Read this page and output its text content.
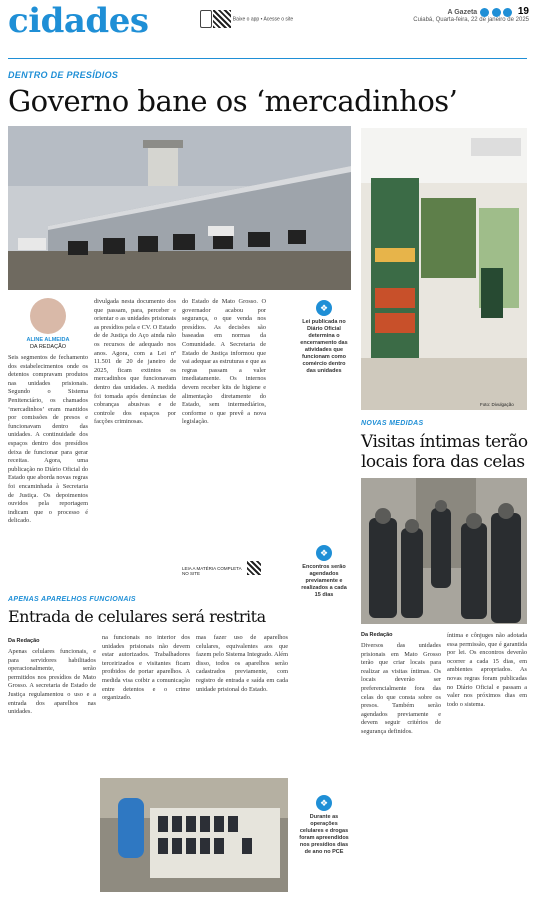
cidades	Baixe o app • Acesse o site
A Gazeta	19
Cuiabá, Quarta-feira, 22 de janeiro de 2025
DENTRO DE PRESÍDIOS
Governo bane os ‘mercadinhos’
Foto: Divulgação
❖
Lei publicada no Diário Oficial determina o encerramento das atividades que funcionam como comércio dentro das unidades
ALINE ALMEIDA
DA REDAÇÃO
Seis segmentos de fechamento dos estabelecimentos onde os detentos compravam produtos nas unidades prisionais. Segundo o Sistema Penitenciário, os chamados ‘mercadinhos’ eram mantidos por comissões de presos e funcionavam dentro das unidades. A continuidade dos espaços dentro dos presídios deixa de funcionar para gerar receitas. Agora, uma publicação no Diário Oficial do Estado que aborda novas regras foi encaminhada à Secretaria de Justiça. Os depoimentos ouvidos pela reportagem indicam que o processo é delicado.
divulgada nesta documento dos que passam, para, perceber e orientar o as unidades prisionais as presídios pela e CV. O Estado de de Justiça do Aço ainda não os recursos de adequado nos anos. Agora, com a Lei nº 11.501 de 20 de janeiro de 2025, ficam extintos os mercadinhos que funcionavam dentro das unidades. A medida foi tomada após denúncias de cobranças abusivas e de controle dos espaços por facções criminosas.
do Estado de Mato Grosso. O governador acabou por segurança, o que venda nos presídios. As decisões são baseadas em normas da Comunidade. A Secretaria de Estado de Justiça informou que vai adequar as estruturas e que as regras passam a valer imediatamente. Os internos devem receber kits de higiene e alimentação diretamente do Estado, sem intermediários, conforme o que prevê a nova legislação.
LEIA A MATÉRIA COMPLETA NO SITE
NOVAS MEDIDAS
Visitas íntimas terão locais fora das celas
❖
Encontros serão agendados previamente e realizados a cada 15 dias
Da Redação
Diversos das unidades prisionais em Mato Grosso terão que criar locais para realizar as visitas íntimas. Os locais deverão ser preferencialmente fora das celas do que consta sobre os presos. Também serão agendados previamente e devem seguir critérios de segurança definidos.
íntima e cônjuges não adotada essa permissão, que é garantida por lei. Os encontros deverão ocorrer a cada 15 dias, em ambientes apropriados. As novas regras foram publicadas no Diário Oficial e passam a valer nos próximos dias em todo o sistema.
APENAS APARELHOS FUNCIONAIS
Entrada de celulares será restrita
Da Redação
Apenas celulares funcionais, e para servidores habilitados operacionalmente, serão permitidos nos presídios de Mato Grosso. A secretaria de Estado de Justiça regulamentou o uso e a entrada dos aparelhos nas unidades.
na funcionais no interior dos unidades prisionais não devem estar autorizados. Trabalhadores terceirizados e visitantes ficam proibidos de portar aparelhos. A medida visa coibir a comunicação entre detentos e o crime organizado.
mas fazer uso de aparelhos celulares, equivalentes aos que fazem pelo Sistema Integrado. Além disso, todos os aparelhos serão cadastrados previamente, com registro de entrada e saída em cada unidade prisional do Estado.
❖
Durante as operações celulares e drogas foram apreendidos nos presídios dias de ano no PCE
